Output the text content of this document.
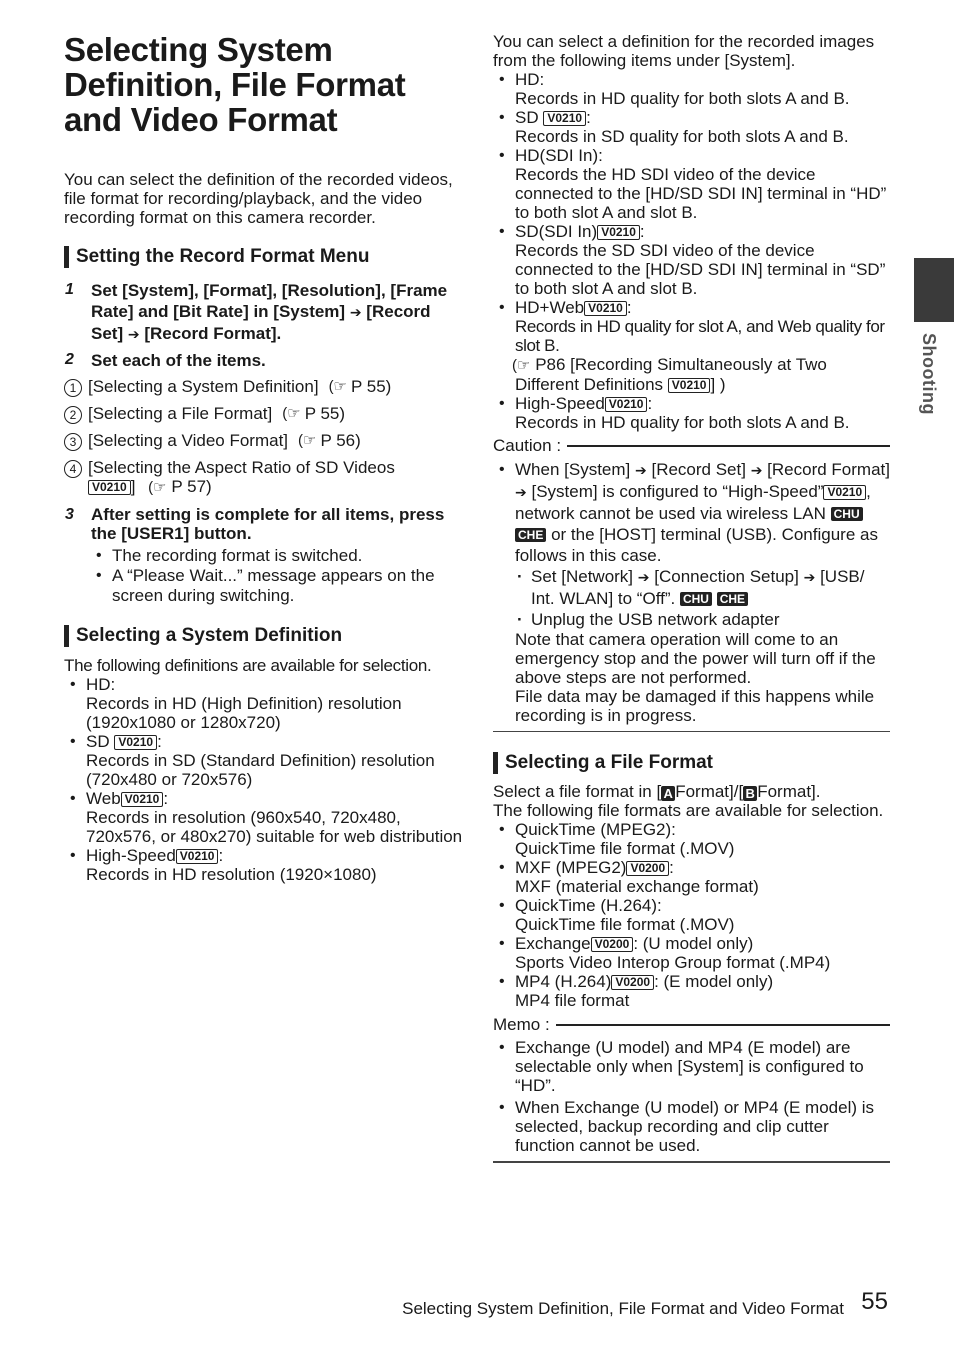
Selecting System Definition, File Format and Video Format

You can select the definition of the recorded videos, file format for recording/playback, and the video recording format on this camera recorder.

Setting the Record Format Menu
1	Set [System], [Format], [Resolution], [Frame Rate] and [Bit Rate] in [System] ➔ [Record Set] ➔ [Record Format].
2	Set each of the items.
1 [Selecting a System Definition] (☞ P 55)
2 [Selecting a File Format] (☞ P 55)
3 [Selecting a Video Format] (☞ P 56)
4 [Selecting the Aspect Ratio of SD Videos
V0210 ] (☞ P 57)
3	After setting is complete for all items, press the [USER1] button.
• The recording format is switched.
• A “Please Wait...” message appears on the screen during switching.
Selecting a System Definition

The following definitions are available for selection.

• HD:
Records in HD (High Definition) resolution (1920x1080 or 1280x720)
• SD V0210 :
Records in SD (Standard Definition) resolution (720x480 or 720x576)
• Web V0210 :
Records in resolution (960x540, 720x480, 720x576, or 480x270) suitable for web distribution
• High-Speed V0210 :
Records in HD resolution (1920×1080)

You can select a definition for the recorded images from the following items under [System].

• HD:
Records in HD quality for both slots A and B.
• SD V0210 :
Records in SD quality for both slots A and B.
• HD(SDI In):
Records the HD SDI video of the device connected to the [HD/SD SDI IN] terminal in “HD” to both slot A and slot B.
• SD(SDI In) V0210 :
Records the SD SDI video of the device connected to the [HD/SD SDI IN] terminal in “SD” to both slot A and slot B.
• HD+Web V0210 :
Records in HD quality for slot A, and Web quality for slot B.
(☞ P86 [Recording Simultaneously at Two Different Definitions V0210 ] )
• High-Speed V0210 :
Records in HD quality for both slots A and B.
Caution :
• When [System] ➔ [Record Set] ➔ [Record Format] ➔ [System] is configured to “High-Speed” V0210 , network cannot be used via wireless LAN CHU CHE or the [HOST] terminal (USB). Configure as follows in this case.
· Set [Network] ➔ [Connection Setup] ➔ [USB/ Int. WLAN] to “Off”. CHU CHE
· Unplug the USB network adapter
Note that camera operation will come to an emergency stop and the power will turn off if the above steps are not performed.
File data may be damaged if this happens while recording is in progress.
Selecting a File Format

Select a file format in [ A Format]/[ B Format].

The following file formats are available for selection.

• QuickTime (MPEG2):
QuickTime file format (.MOV)
• MXF (MPEG2) V0200 :
MXF (material exchange format)
• QuickTime (H.264):
QuickTime file format (.MOV)
• Exchange V0200 : (U model only)
Sports Video Interop Group format (.MP4)
• MP4 (H.264) V0200 : (E model only)
MP4 file format
Memo :
• Exchange (U model) and MP4 (E model) are selectable only when [System] is configured to “HD”.
• When Exchange (U model) or MP4 (E model) is selected, backup recording and clip cutter function cannot be used.
Shooting
Selecting System Definition, File Format and Video Format 55
